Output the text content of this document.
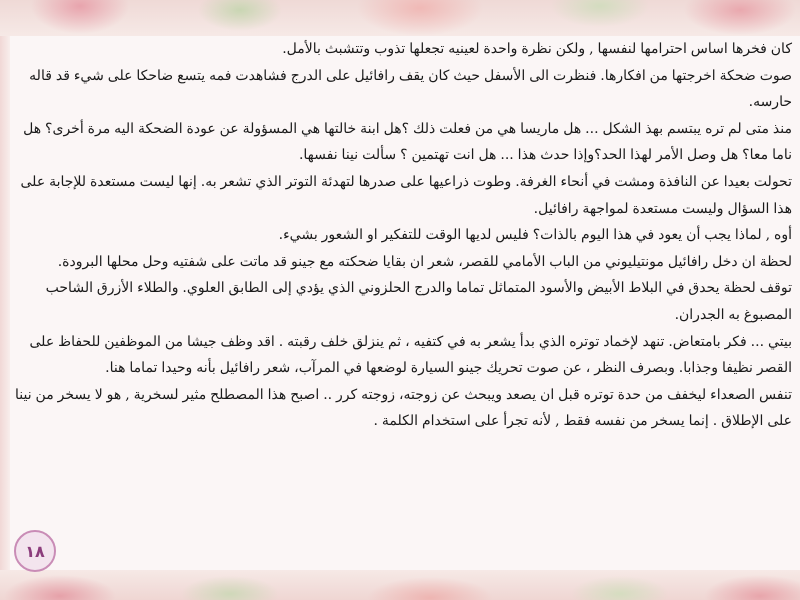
كان فخرها اساس احترامها لنفسها , ولكن نظرة واحدة لعينيه تجعلها تذوب وتتشبث بالأمل.

صوت ضحكة اخرجتها من افكارها. فنظرت الى الأسفل حيث كان يقف رافائيل على الدرج فشاهدت فمه يتسع ضاحكا على شيء قد قاله حارسه.

منذ متى لم تره يبتسم بهذ الشكل ... هل ماريسا هي من فعلت ذلك ؟هل ابنة خالتها هي المسؤولة عن عودة الضحكة اليه مرة أخرى؟ هل ناما معا؟ هل وصل الأمر لهذا الحد؟وإذا حدث هذا ... هل انت تهتمين ؟ سألت نينا نفسها.

تحولت بعيدا عن النافذة ومشت في أنحاء الغرفة. وطوت ذراعيها على صدرها لتهدئة التوتر الذي تشعر به. إنها ليست مستعدة للإجابة على هذا السؤال وليست مستعدة لمواجهة رافائيل.

أوه , لماذا يجب أن يعود في هذا اليوم بالذات؟ فليس لديها الوقت للتفكير او الشعور بشيء.

لحظة ان دخل رافائيل مونتيليوني من الباب الأمامي للقصر، شعر ان بقايا ضحكته مع جينو قد ماتت على شفتيه وحل محلها البرودة.

توقف لحظة يحدق في البلاط الأبيض والأسود المتماثل تماما والدرج الحلزوني الذي يؤدي إلى الطابق العلوي. والطلاء الأزرق الشاحب المصبوغ به الجدران.

بيتي ... فكر بامتعاض. تنهد لإخماد توتره الذي بدأ يشعر به في كتفيه ، ثم ينزلق خلف رقبته . اقد وظف جيشا من الموظفين للحفاظ على القصر نظيفا وجذابا. وبصرف النظر ، عن صوت تحريك جينو السيارة لوضعها في المرآب، شعر رافائيل بأنه وحيدا تماما هنا.

تنفس الصعداء ليخفف من حدة توتره قبل ان يصعد ويبحث عن زوجته، زوجته كرر .. اصبح هذا المصطلح مثير لسخرية , هو لا يسخر من نينا على الإطلاق . إنما يسخر من نفسه فقط , لأنه تجرأ على استخدام الكلمة .

١٨
